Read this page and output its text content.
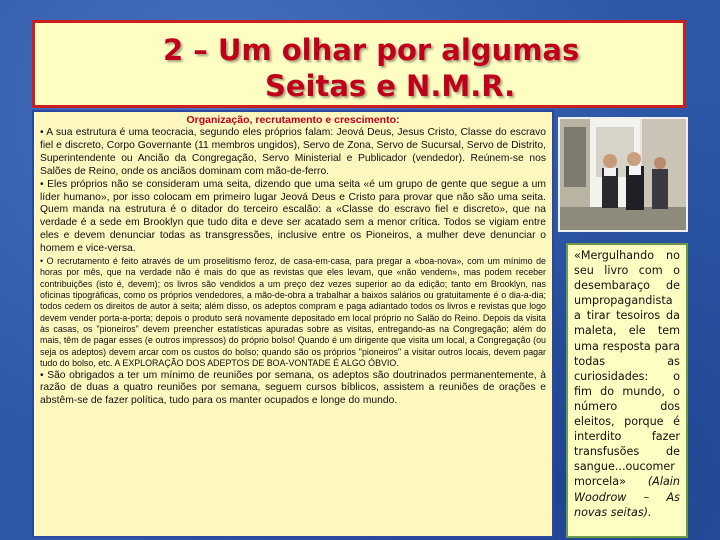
2 – Um olhar por algumas
Seitas e N.M.R.
Organização, recrutamento e crescimento:

• A sua estrutura é uma teocracia, segundo eles próprios falam: Jeová Deus, Jesus Cristo, Classe do escravo fiel e discreto, Corpo Governante (11 membros ungidos), Servo de Zona, Servo de Sucursal, Servo de Distrito, Superintendente ou Ancião da Congregação, Servo Ministerial e Publicador (vendedor). Reúnem-se nos Salões de Reino, onde os anciãos dominam com mão-de-ferro.

• Eles próprios não se consideram uma seita, dizendo que uma seita «é um grupo de gente que segue a um líder humano», por isso colocam em primeiro lugar Jeová Deus e Cristo para provar que não são uma seita. Quem manda na estrutura é o ditador do terceiro escalão: a «Classe do escravo fiel e discreto», que na verdade é a sede em Brooklyn que tudo dita e deve ser acatado sem a menor crítica. Todos se vigiam entre eles e devem denunciar todas as transgressões, inclusive entre os Pioneiros, a mulher deve denunciar o homem e vice-versa.

• O recrutamento é feito através de um proselitismo feroz, de casa-em-casa, para pregar a «boa-nova», com um mínimo de horas por mês, que na verdade não é mais do que as revistas que eles levam, que «não vendem», mas podem receber contribuições (isto é, devem); os livros são vendidos a um preço dez vezes superior ao da edição; tanto em Brooklyn, nas oficinas tipográficas, como os próprios vendedores, a mão-de-obra a trabalhar a baixos salários ou gratuitamente é o dia-a-dia; todos cedem os direitos de autor à seita; além disso, os adeptos compram e paga adiantado todos os livros e revistas que logo devem vender porta-a-porta; depois o produto será novamente depositado em local próprio no Salão do Reino. Depois da visita às casas, os "pioneiros" devem preencher estatísticas apuradas sobre as visitas, entregando-as na Congregação; além do mais, têm de pagar esses (e outros impressos) do próprio bolso! Quando é um dirigente que visita um local, a Congregação (ou seja os adeptos) devem arcar com os custos do bolso; quando são os próprios "pioneiros" a visitar outros locais, devem pagar tudo do bolso, etc. A EXPLORAÇÃO DOS ADEPTOS DE BOA-VONTADE É ALGO ÓBVIO.

• São obrigados a ter um mínimo de reuniões por semana, os adeptos são doutrinados permanentemente, à razão de duas a quatro reuniões por semana, seguem cursos bíblicos, assistem a reuniões de orações e abstêm-se de fazer política, tudo para os manter ocupados e longe do mundo.

«Mergulhando no seu livro com o desembaraço de umpropagandista a tirar tesoiros da maleta, ele tem uma resposta para todas as curiosidades: o fim do mundo, o número dos eleitos, porque é interdito fazer transfusões de sangue...oucomer morcela» (Alain Woodrow – As novas seitas).
